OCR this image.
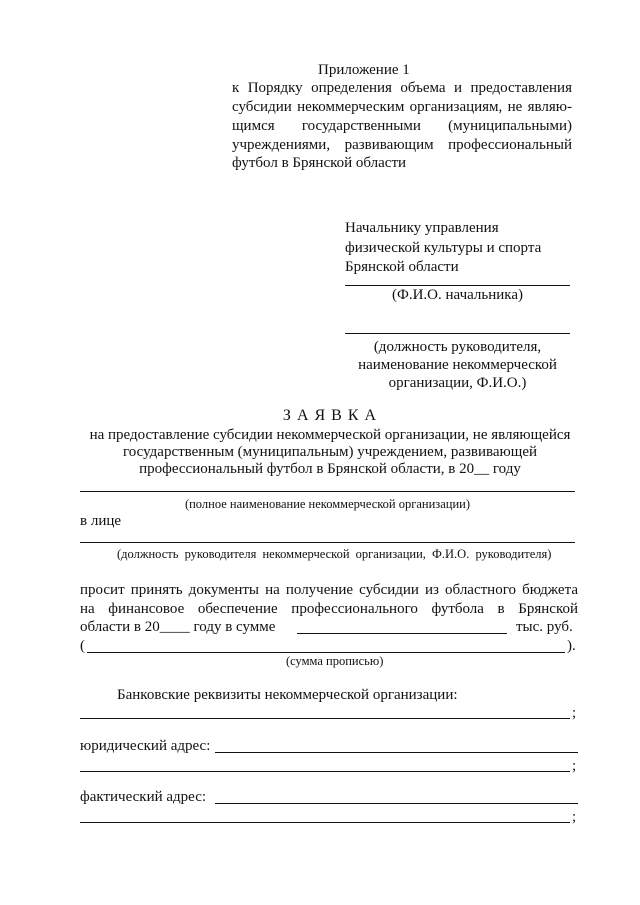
Приложение 1
к Порядку определения объема и предоставления
субсидии некоммерческим организациям, не являю-
щимся государственными (муниципальными)
учреждениями, развивающим профессиональный
футбол в Брянской области
Начальнику управления
физической культуры и спорта
Брянской области
(Ф.И.О. начальника)
(должность руководителя,
наименование некоммерческой
организации, Ф.И.О.)
З А Я В К А
на предоставление субсидии некоммерческой организации, не являющейся
государственным (муниципальным) учреждением, развивающей
профессиональный футбол в Брянской области, в 20__ году
(полное наименование некоммерческой организации)
в лице
(должность руководителя некоммерческой организации, Ф.И.О. руководителя)
просит принять документы на получение субсидии из областного бюджета
на финансовое обеспечение профессионального футбола в Брянской
области в 20____ году в сумме	тыс. руб.
(	).
(сумма прописью)
Банковские реквизиты некоммерческой организации:
;
юридический адрес:
;
фактический адрес:
;
